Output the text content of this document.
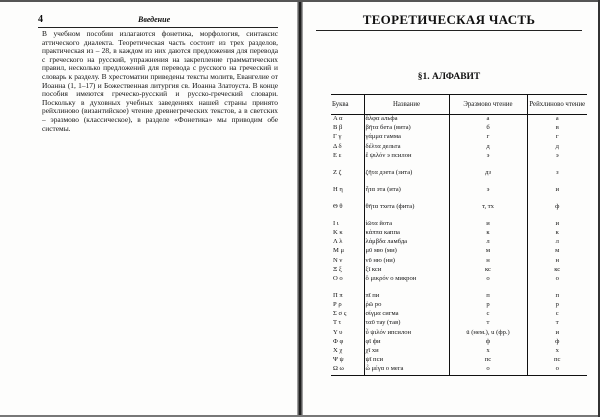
4	Введение

В учебном пособии излагаются фонетика, морфология, синтаксис аттического диалекта. Теоретическая часть состоит из трех разделов, практическая из – 28, в каждом из них даются предложения для перевода с греческого на русский, упражнения на закрепление грамматических правил, несколько предложений для перевода с русского на греческий и словарь к разделу. В хрестоматии приведены тексты молитв, Евангелие от Иоанна (1, 1–17) и Божественная литургия св. Иоанна Златоуста. В конце пособия имеются греческо-русский и русско-греческий словари. Поскольку в духовных учебных заведениях нашей страны принято рейхлиново (византийское) чтение древнегреческих текстов, а в светских – эразмово (классическое), в разделе «Фонетика» мы приводим обе системы.

ТЕОРЕТИЧЕСКАЯ ЧАСТЬ
§1. АЛФАВИТ
Буква	Название	Эразмово чтение	Рейхлиново чтение
Α α	ἄλφα альфа	а	а
Β β	βῆτα бета (вита)	б	в
Γ γ	γάμμα гамма	г	г
Δ δ	δέλτα дельта	д	д
Ε ε	ἒ ψιλόν э псилон	э	э
Ζ ζ	ζῆτα дзета (зита)	дз	з
Η η	ἦτα эта (ита)	э	и
Θ θ	θῆτα тхета (фита)	т, тх	ф
Ι ι	ἰῶτα йота	и	и
Κ κ	κάππα каппа	к	к
Λ λ	λάμβδα ламбда	л	л
Μ μ	μῦ мю (ми)	м	м
Ν ν	νῦ ню (ни)	н	н
Ξ ξ	ξῖ кси	кс	кс
Ο ο	ὂ μικρόν о микрон	о	о
Π π	πῖ пи	п	п
Ρ ρ	ῥῶ ро	р	р
Σ σ ς	σίγμα сигма	с	с
Τ τ	ταῦ тау (тав)	т	т
Υ υ	ὖ ψιλόν ипсилон	ü (нем.), u (фр.)	и
Φ φ	φῖ фи	ф	ф
Χ χ	χῖ хи	х	х
Ψ ψ	ψῖ пси	пс	пс
Ω ω	ὦ μέγα о мега	о	о
